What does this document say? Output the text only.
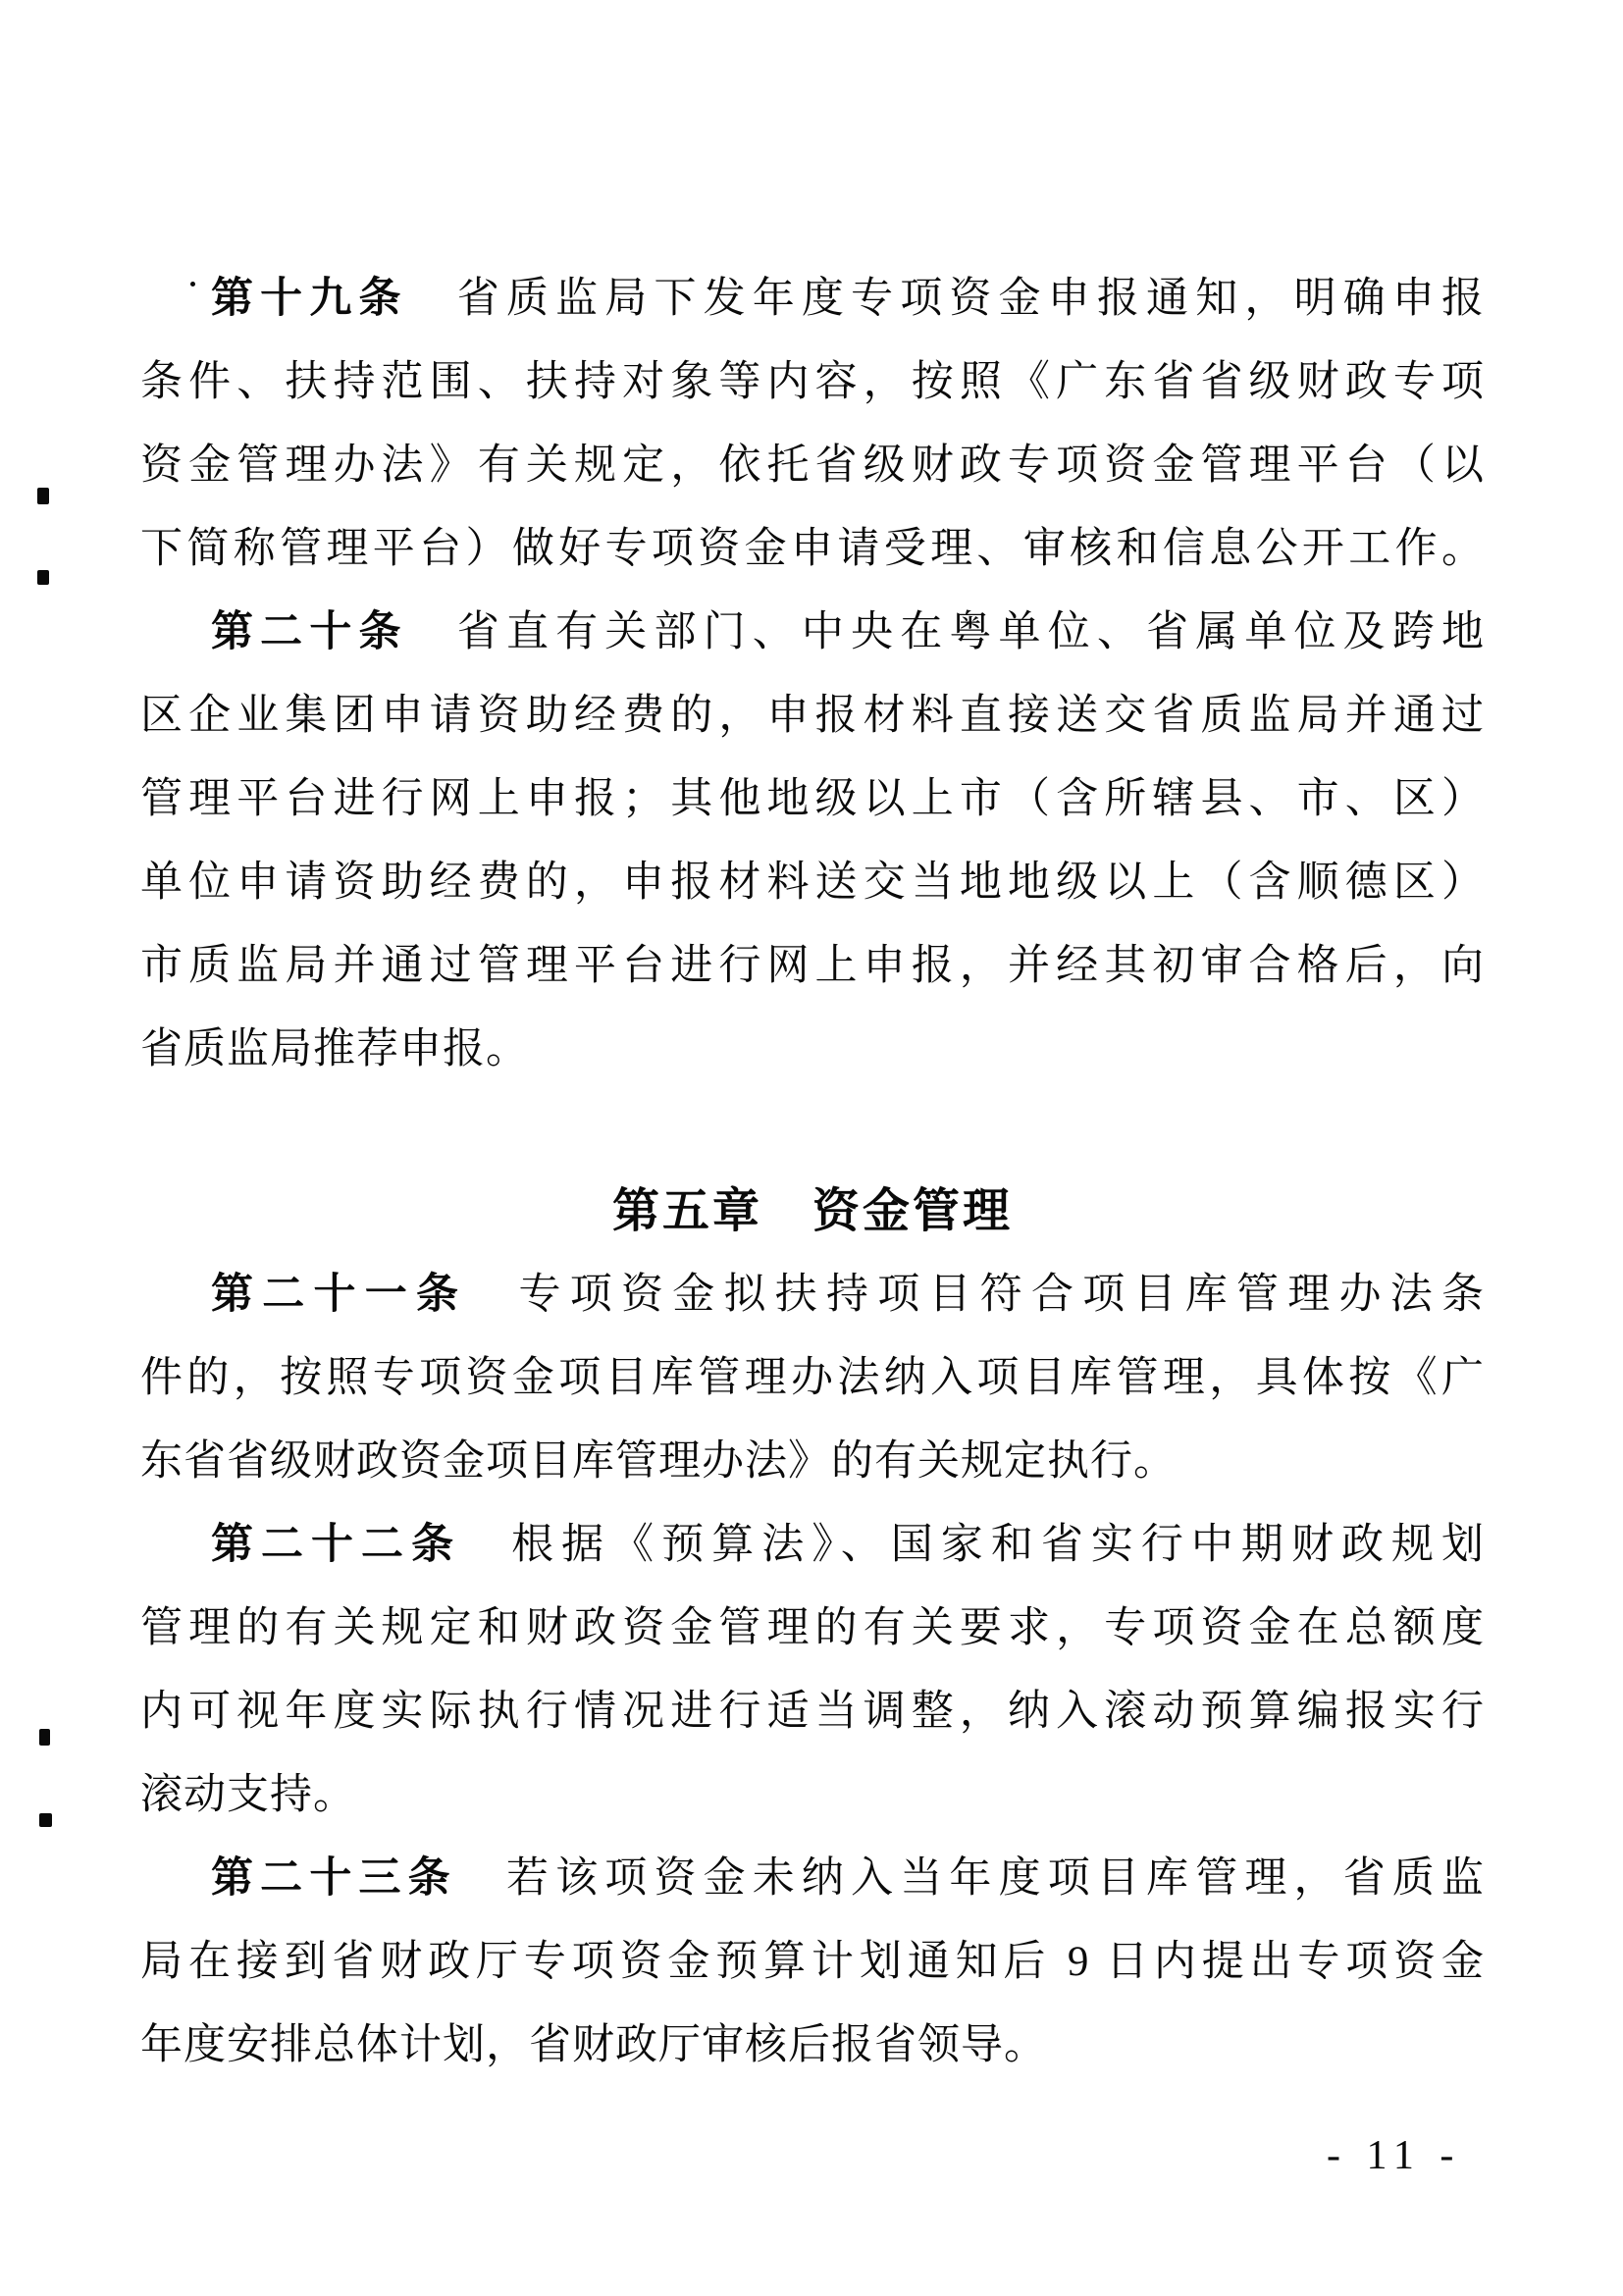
第十九条　省质监局下发年度专项资金申报通知，明确申报
条件、扶持范围、扶持对象等内容，按照《广东省省级财政专项
资金管理办法》有关规定，依托省级财政专项资金管理平台（以
下简称管理平台）做好专项资金申请受理、审核和信息公开工作。
第二十条　省直有关部门、中央在粤单位、省属单位及跨地
区企业集团申请资助经费的，申报材料直接送交省质监局并通过
管理平台进行网上申报；其他地级以上市（含所辖县、市、区）
单位申请资助经费的，申报材料送交当地地级以上（含顺德区）
市质监局并通过管理平台进行网上申报，并经其初审合格后，向
省质监局推荐申报。
第五章　资金管理
第二十一条　专项资金拟扶持项目符合项目库管理办法条
件的，按照专项资金项目库管理办法纳入项目库管理，具体按《广
东省省级财政资金项目库管理办法》的有关规定执行。
第二十二条　根据《预算法》、国家和省实行中期财政规划
管理的有关规定和财政资金管理的有关要求，专项资金在总额度
内可视年度实际执行情况进行适当调整，纳入滚动预算编报实行
滚动支持。
第二十三条　若该项资金未纳入当年度项目库管理，省质监
局在接到省财政厅专项资金预算计划通知后 9 日内提出专项资金
年度安排总体计划，省财政厅审核后报省领导。
- 11 -
